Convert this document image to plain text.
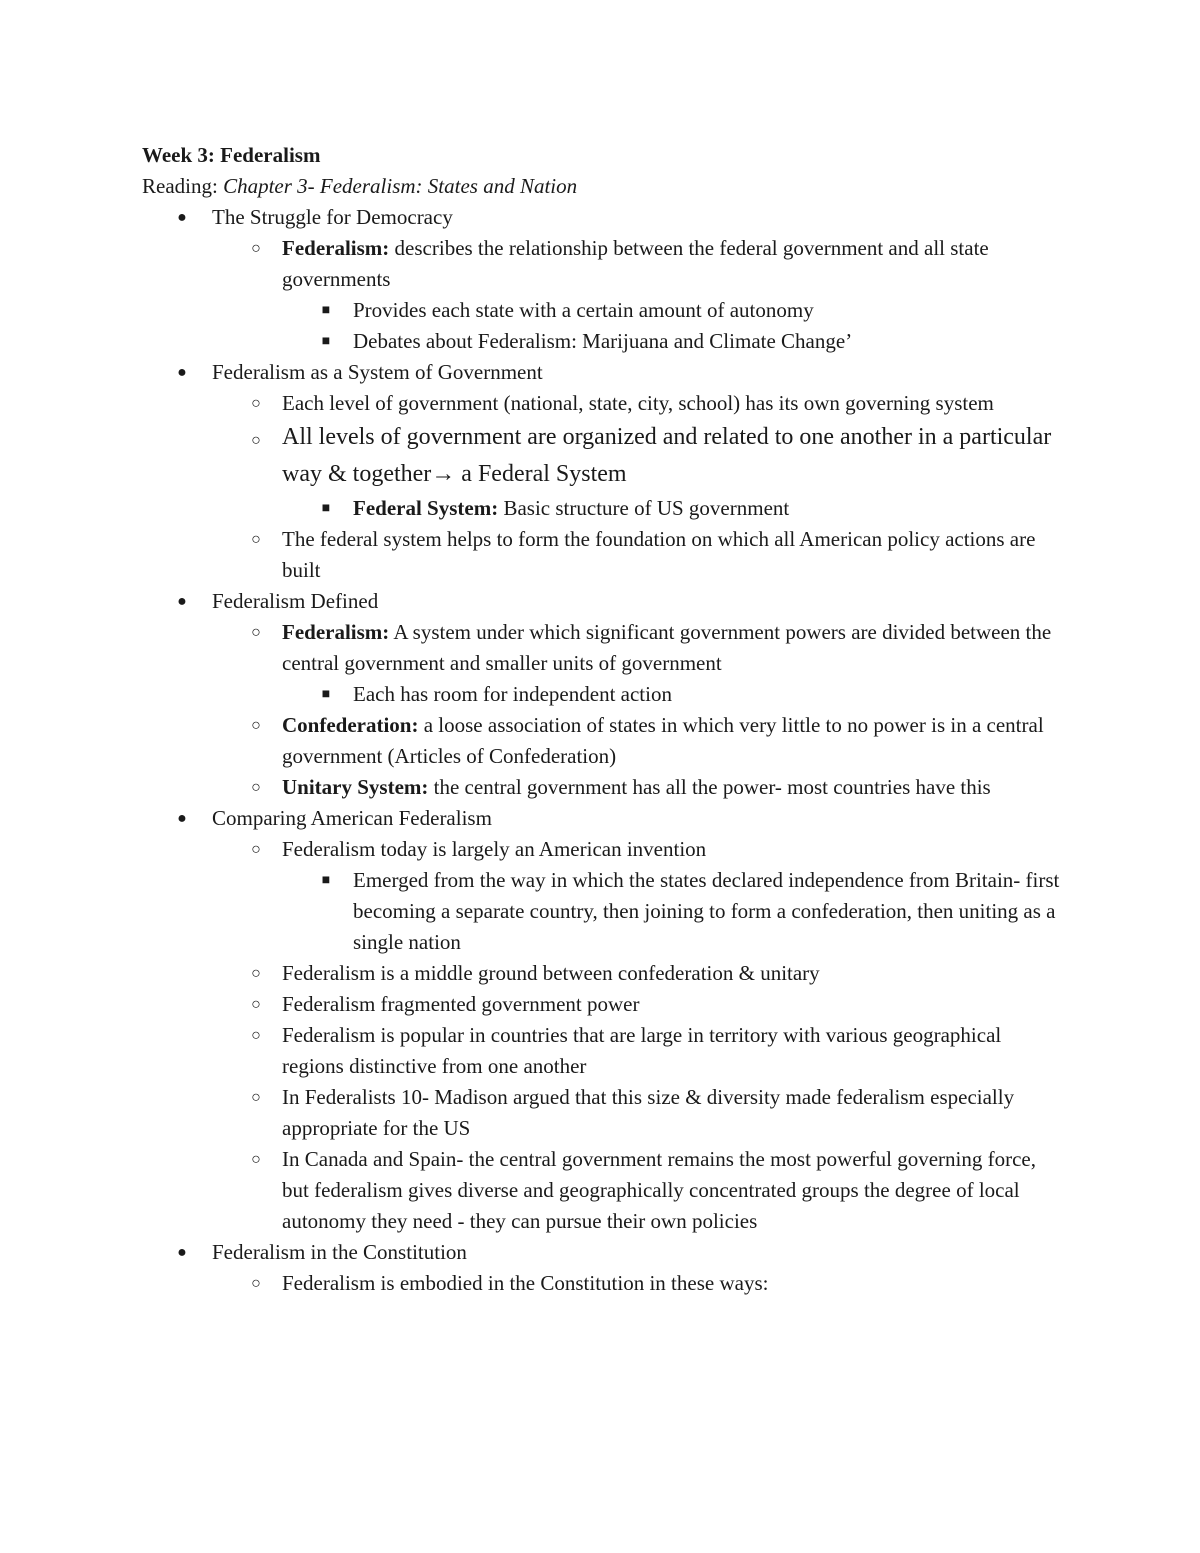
Week 3: Federalism
Reading: Chapter 3- Federalism: States and Nation
● The Struggle for Democracy
○ Federalism: describes the relationship between the federal government and all state governments
■ Provides each state with a certain amount of autonomy
■ Debates about Federalism: Marijuana and Climate Change’
● Federalism as a System of Government
○ Each level of government (national, state, city, school) has its own governing system
○ All levels of government are organized and related to one another in a particular way & together→ a Federal System
■ Federal System: Basic structure of US government
○ The federal system helps to form the foundation on which all American policy actions are built
● Federalism Defined
○ Federalism: A system under which significant government powers are divided between the central government and smaller units of government
■ Each has room for independent action
○ Confederation: a loose association of states in which very little to no power is in a central government (Articles of Confederation)
○ Unitary System: the central government has all the power- most countries have this
● Comparing American Federalism
○ Federalism today is largely an American invention
■ Emerged from the way in which the states declared independence from Britain- first becoming a separate country, then joining to form a confederation, then uniting as a single nation
○ Federalism is a middle ground between confederation & unitary
○ Federalism fragmented government power
○ Federalism is popular in countries that are large in territory with various geographical regions distinctive from one another
○ In Federalists 10- Madison argued that this size & diversity made federalism especially appropriate for the US
○ In Canada and Spain- the central government remains the most powerful governing force, but federalism gives diverse and geographically concentrated groups the degree of local autonomy they need - they can pursue their own policies
● Federalism in the Constitution
○ Federalism is embodied in the Constitution in these ways:
